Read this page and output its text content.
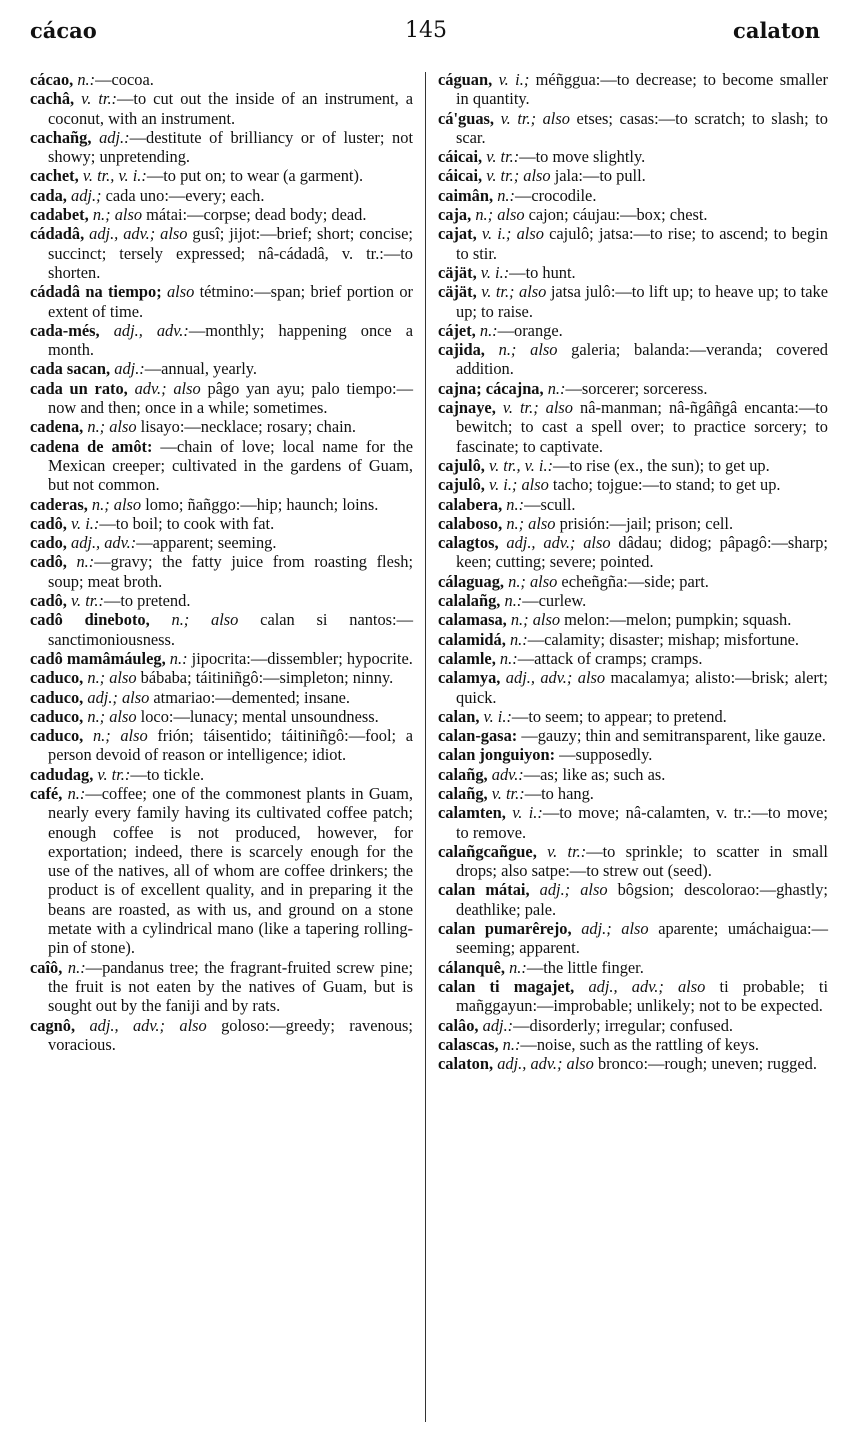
cácao	145	calaton

cácao, n.:—cocoa.

cachâ, v. tr.:—to cut out the inside of an instrument, a coconut, with an instrument.

cachañg, adj.:—destitute of brilliancy or of luster; not showy; unpretending.

cachet, v. tr., v. i.:—to put on; to wear (a garment).

cada, adj.; cada uno:—every; each.

cadabet, n.; also mátai:—corpse; dead body; dead.

cádadâ, adj., adv.; also gusî; jijot:—brief; short; concise; succinct; tersely expressed; nâ-cádadâ, v. tr.:—to shorten.

cádadâ na tiempo; also tétmino:—span; brief portion or extent of time.

cada-més, adj., adv.:—monthly; happening once a month.

cada sacan, adj.:—annual, yearly.

cada un rato, adv.; also pâgo yan ayu; palo tiempo:—now and then; once in a while; sometimes.

cadena, n.; also lisayo:—necklace; rosary; chain.

cadena de amôt: —chain of love; local name for the Mexican creeper; cultivated in the gardens of Guam, but not common.

caderas, n.; also lomo; ñañggo:—hip; haunch; loins.

cadô, v. i.:—to boil; to cook with fat.

cado, adj., adv.:—apparent; seeming.

cadô, n.:—gravy; the fatty juice from roasting flesh; soup; meat broth.

cadô, v. tr.:—to pretend.

cadô dineboto, n.; also calan si nantos:—sanctimoniousness.

cadô mamâmáuleg, n.: jipocrita:—dissembler; hypocrite.

caduco, n.; also bábaba; táitiniñgô:—simpleton; ninny.

caduco, adj.; also atmariao:—demented; insane.

caduco, n.; also loco:—lunacy; mental unsoundness.

caduco, n.; also frión; táisentido; táitiniñgô:—fool; a person devoid of reason or intelligence; idiot.

cadudag, v. tr.:—to tickle.

café, n.:—coffee; one of the commonest plants in Guam, nearly every family having its cultivated coffee patch; enough coffee is not produced, however, for exportation; indeed, there is scarcely enough for the use of the natives, all of whom are coffee drinkers; the product is of excellent quality, and in preparing it the beans are roasted, as with us, and ground on a stone metate with a cylindrical mano (like a tapering rolling-pin of stone).

caîô, n.:—pandanus tree; the fragrant-fruited screw pine; the fruit is not eaten by the natives of Guam, but is sought out by the faniji and by rats.

cagnô, adj., adv.; also goloso:—greedy; ravenous; voracious.

cáguan, v. i.; méñggua:—to decrease; to become smaller in quantity.

cá'guas, v. tr.; also etses; casas:—to scratch; to slash; to scar.

cáicai, v. tr.:—to move slightly.

cáicai, v. tr.; also jala:—to pull.

caimân, n.:—crocodile.

caja, n.; also cajon; cáujau:—box; chest.

cajat, v. i.; also cajulô; jatsa:—to rise; to ascend; to begin to stir.

cäjät, v. i.:—to hunt.

cäjät, v. tr.; also jatsa julô:—to lift up; to heave up; to take up; to raise.

cájet, n.:—orange.

cajida, n.; also galeria; balanda:—veranda; covered addition.

cajna; cácajna, n.:—sorcerer; sorceress.

cajnaye, v. tr.; also nâ-manman; nâ-ñgâñgâ encanta:—to bewitch; to cast a spell over; to practice sorcery; to fascinate; to captivate.

cajulô, v. tr., v. i.:—to rise (ex., the sun); to get up.

cajulô, v. i.; also tacho; tojgue:—to stand; to get up.

calabera, n.:—scull.

calaboso, n.; also prisión:—jail; prison; cell.

calagtos, adj., adv.; also dâdau; didog; pâpagô:—sharp; keen; cutting; severe; pointed.

cálaguag, n.; also echeñgña:—side; part.

calalañg, n.:—curlew.

calamasa, n.; also melon:—melon; pumpkin; squash.

calamidá, n.:—calamity; disaster; mishap; misfortune.

calamle, n.:—attack of cramps; cramps.

calamya, adj., adv.; also macalamya; alisto:—brisk; alert; quick.

calan, v. i.:—to seem; to appear; to pretend.

calan-gasa: —gauzy; thin and semitransparent, like gauze.

calan jonguiyon: —supposedly.

calañg, adv.:—as; like as; such as.

calañg, v. tr.:—to hang.

calamten, v. i.:—to move; nâ-calamten, v. tr.:—to move; to remove.

calañgcañgue, v. tr.:—to sprinkle; to scatter in small drops; also satpe:—to strew out (seed).

calan mátai, adj.; also bôgsion; descolorao:—ghastly; deathlike; pale.

calan pumarêrejo, adj.; also aparente; umáchaigua:—seeming; apparent.

cálanquê, n.:—the little finger.

calan ti magajet, adj., adv.; also ti probable; ti mañggayun:—improbable; unlikely; not to be expected.

calâo, adj.:—disorderly; irregular; confused.

calascas, n.:—noise, such as the rattling of keys.

calaton, adj., adv.; also bronco:—rough; uneven; rugged.
